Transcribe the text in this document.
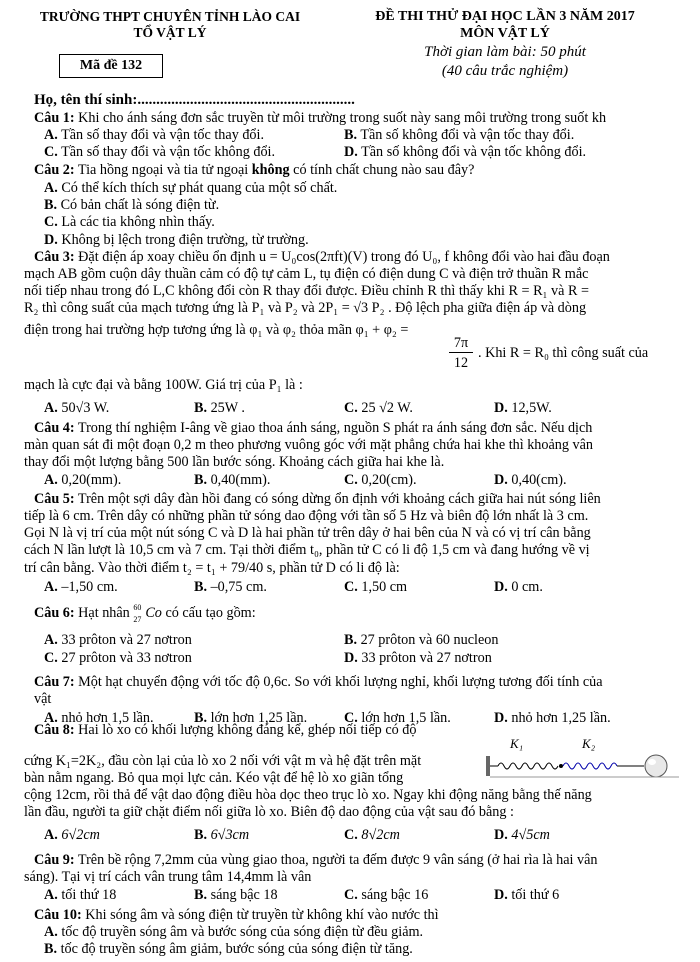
TRƯỜNG THPT CHUYÊN TỈNH LÀO CAI
TỔ VẬT LÝ
ĐỀ THI THỬ ĐẠI HỌC LẦN 3 NĂM 2017
MÔN VẬT LÝ
Thời gian làm bài: 50 phút
(40 câu trắc nghiệm)
Mã đề 132
Họ, tên thí sinh:..........................................................
Câu 1: Khi cho ánh sáng đơn sắc truyền từ môi trường trong suốt này sang môi trường trong suốt kh
A. Tần số thay đổi và vận tốc thay đổi.	B. Tần số không đổi và vận tốc thay đổi.
C. Tần số thay đổi và vận tốc không đổi.	D. Tần số không đổi và vận tốc không đổi.
Câu 2: Tia hồng ngoại và tia tử ngoại không có tính chất chung nào sau đây?
A. Có thể kích thích sự phát quang của một số chất.
B. Có bản chất là sóng điện từ.
C. Là các tia không nhìn thấy.
D. Không bị lệch trong điện trường, từ trường.
Câu 3: Đặt điện áp xoay chiều ổn định u = U₀cos(2πft)(V) trong đó U₀, f không đổi vào hai đầu đoạn
mạch AB gồm cuộn dây thuần cảm có độ tự cảm L, tụ điện có điện dung C và điện trở thuần R mắc
nối tiếp nhau trong đó L,C không đổi còn R thay đổi được. Điều chỉnh R thì thấy khi R = R₁ và R =
R₂ thì công suất của mạch tương ứng là P₁ và P₂ và 2P₁ = √3 P₂ . Độ lệch pha giữa điện áp và dòng
điện trong hai trường hợp tương ứng là φ₁ và φ₂ thỏa mãn φ₁ + φ₂ =
7π
12
. Khi R = R₀ thì công suất của
mạch là cực đại và bằng 100W. Giá trị của P₁ là :
A. 50√3 W.	B. 25W .	C. 25 √2 W.	D. 12,5W.
Câu 4: Trong thí nghiệm I-âng về giao thoa ánh sáng, nguồn S phát ra ánh sáng đơn sắc. Nếu dịch
màn quan sát đi một đoạn 0,2 m theo phương vuông góc với mặt phẳng chứa hai khe thì khoảng vân
thay đổi một lượng bằng 500 lần bước sóng. Khoảng cách giữa hai khe là.
A. 0,20(mm).	B. 0,40(mm).	C. 0,20(cm).	D. 0,40(cm).
Câu 5: Trên một sợi dây đàn hồi đang có sóng dừng ổn định với khoảng cách giữa hai nút sóng liên
tiếp là 6 cm. Trên dây có những phần tử sóng dao động với tần số 5 Hz và biên độ lớn nhất là 3 cm.
Gọi N là vị trí của một nút sóng C và D là hai phần tử trên dây ở hai bên của N và có vị trí cân bằng
cách N lần lượt là 10,5 cm và 7 cm. Tại thời điểm t₀, phần tử C có li độ 1,5 cm và đang hướng về vị
trí cân bằng. Vào thời điểm t₂ = t₁ + 79/40 s, phần tử D có li độ là:
A. –1,50 cm.	B. –0,75 cm.	C. 1,50 cm	D. 0 cm.
Câu 6: Hạt nhân 60
27 Co có cấu tạo gồm:
A. 33 prôton và 27 nơtron	B. 27 prôton và 60 nucleon
C. 27 prôton và 33 nơtron	D. 33 prôton và 27 nơtron
Câu 7: Một hạt chuyển động với tốc độ 0,6c. So với khối lượng nghỉ, khối lượng tương đối tính của
vật
A. nhỏ hơn 1,5 lần.	B. lớn hơn 1,25 lần.	C. lớn hơn 1,5 lần.	D. nhỏ hơn 1,25 lần.
Câu 8: Hai lò xo có khối lượng không đáng kể, ghép nối tiếp có độ
cứng K₁=2K₂, đầu còn lại của lò xo 2 nối với vật m và hệ đặt trên mặt
bàn nằm ngang. Bỏ qua mọi lực cản. Kéo vật để hệ lò xo giãn tổng
cộng 12cm, rồi thả để vật dao động điều hòa dọc theo trục lò xo. Ngay khi động năng bằng thế năng
lần đầu, người ta giữ chặt điểm nối giữa lò xo. Biên độ dao động của vật sau đó bằng :
K₁	K₂
A. 6√2cm	B. 6√3cm	C. 8√2cm	D. 4√5cm
Câu 9: Trên bề rộng 7,2mm của vùng giao thoa, người ta đếm được 9 vân sáng (ở hai rìa là hai vân
sáng). Tại vị trí cách vân trung tâm 14,4mm là vân
A. tối thứ 18	B. sáng bậc 18	C. sáng bậc 16	D. tối thứ 6
Câu 10: Khi sóng âm và sóng điện từ truyền từ không khí vào nước thì
A. tốc độ truyền sóng âm và bước sóng của sóng điện từ đều giảm.
B. tốc độ truyền sóng âm giảm, bước sóng của sóng điện từ tăng.
